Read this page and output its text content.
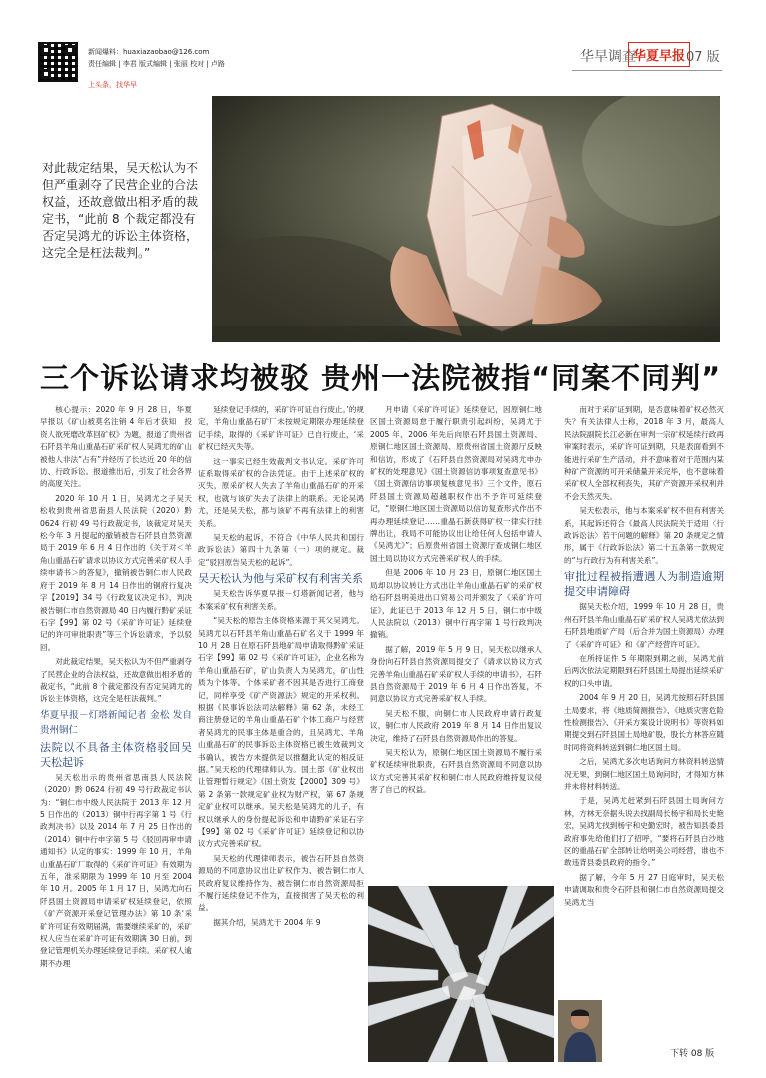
新闻爆料：huaxiazaobao@126.com
责任编辑 | 李君 版式编辑 | 张丽 校对 | 卢路
上头条，找华早
华早调查
华夏早报 07 版
对此裁定结果，吴天松认为不但严重剥夺了民营企业的合法权益，还故意做出相矛盾的裁定书，“此前 8 个裁定都没有否定吴鸿尤的诉讼主体资格，这完全是枉法裁判。”
三个诉讼请求均被驳 贵州一法院被指“同案不同判”

核心提示：2020 年 9 月 28 日，华夏早报以《矿山被莫名注销 4 年后才获知　投资人欲死磨改革回矿权》为题，报道了贵州省石阡县羊角山重晶石矿采矿权人吴鸿尤的矿山被他人非法“占有”并经历了长达近 20 年的信访、行政诉讼。报道推出后，引发了社会各界的高度关注。

2020 年 10 月 1 日，吴鸿尤之子吴天松收到贵州省思南县人民法院（2020）黔 0624 行初 49 号行政裁定书，该裁定对吴天松今年 3 月提起的撤销被告石阡县自然资源局于 2019 年 6 月 4 日作出的《关于对＜羊角山重晶石矿请求以协议方式完善采矿权人手续申请书＞的答复》，撤销被告铜仁市人民政府于 2019 年 8 月 14 日作出的铜府行复决字【2019】34 号《行政复议决定书》，判决被告铜仁市自然资源局 40 日内履行黔矿采证石字【99】第 02 号《采矿许可证》延续登记的许可审批职责”等三个诉讼请求，予以驳回。

对此裁定结果，吴天松认为不但严重剥夺了民营企业的合法权益，还故意做出相矛盾的裁定书，“此前 8 个裁定都没有否定吴鸿尤的诉讼主体资格，这完全是枉法裁判。”

华夏早报－灯塔新闻记者 金松 发自贵州铜仁

法院以不具备主体资格驳回吴天松起诉

吴天松出示的贵州省思南县人民法院（2020）黔 0624 行初 49 号行政裁定书认为：“铜仁市中级人民法院于 2013 年 12 月 5 日作出的（2013）铜中行再字第 1 号《行政判决书》以及 2014 年 7 月 25 日作出的（2014）铜中行申字第 5 号《驳回再审申请通知书》认定的事实：1999 年 10 月，羊角山重晶石矿厂取得的《采矿许可证》有效期为五年，准采期限为 1999 年 10 月至 2004 年 10 月。2005 年 1 月 17 日，吴鸿尤向石阡县国土资源局申请采矿权延续登记，依照《矿产资源开采登记管理办法》第 10 条‘采矿许可证有效期届满，需要继续采矿的，采矿权人应当在采矿许可证有效期满 30 日前，到登记管理机关办理延续登记手续。采矿权人逾期不办理

延续登记手续的，采矿许可证自行废止。’的规定，羊角山重晶石矿厂未按规定期限办理延续登记手续，取得的《采矿许可证》已自行废止，‘采矿权已经灭失等。

这一事实已经生效裁判文书认定。采矿许可证系取得采矿权的合法凭证。由于上述采矿权的灭失，原采矿权人失去了羊角山重晶石矿的开采权，也就与该矿失去了法律上的联系。无论吴鸿尤，还是吴天松，都与该矿不再有法律上的利害关系。

吴天松的起诉，不符合《中华人民共和国行政诉讼法》第四十九条第（一）项的规定。裁定“驳回原告吴天松的起诉”。

吴天松认为他与采矿权有利害关系

吴天松告诉华夏早报－灯塔新闻记者，他与本案采矿权有利害关系。

“吴天松的原告主体资格来源于其父吴鸿尤。吴鸿尤以石阡县羊角山重晶石矿名义于 1999 年 10 月 28 日在原石阡县地矿局申请取得黔矿采证石字【99】第 02 号《采矿许可证》，企业名称为羊角山重晶石矿，矿山负责人为吴鸿尤，矿山性质为个体等。个体采矿者不因其是否进行工商登记，同样享受《矿产资源法》规定的开采权利。根据《民事诉讼法司法解释》第 62 条，未经工商注册登记的羊角山重晶石矿个体工商户与经营者吴鸿尤的民事主体是重合的，且吴鸿尤、羊角山重晶石矿的民事诉讼主体资格已被生效裁判文书确认，被告方未提供足以推翻此认定的相反证据。”吴天松的代理律师认为。国土部《矿业权出让管理暂行规定》《国土资发【2000】309 号》第 2 条第一款规定矿业权为财产权，第 67 条规定矿业权可以继承。吴天松是吴鸿尤的儿子，有权以继承人的身份提起诉讼和申请黔矿采证石字【99】第 02 号《采矿许可证》延续登记和以协议方式完善采矿权。

吴天松的代理律师表示，被告石阡县自然资源局的不同意协议出让矿权作为、被告铜仁市人民政府复议维持作为、被告铜仁市自然资源局拒不履行延续登记不作为，直接损害了吴天松的利益。

据其介绍，吴鸿尤于 2004 年 9

月申请《采矿许可证》延续登记，因原铜仁地区国土资源局怠于履行职责引起纠纷，吴鸿尤于 2005 年、2006 年先后向原石阡县国土资源局、原铜仁地区国土资源局、原贵州省国土资源厅反映和信访，形成了《石阡县自然资源局对吴鸿尤申办矿权的处理意见》《国土资源信访事项复查意见书》《国土资源信访事项复核意见书》三个文件，原石阡县国土资源局超越职权作出不予许可延续登记，“原铜仁地区国土资源局以信访复查形式作出不再办理延续登记……重晶石新获得矿权一律实行挂牌出让，我局不可能协议出让给任何人包括申请人《吴鸿尤》”；后原贵州省国土资源厅查成铜仁地区国土局以协议方式完善采矿权人的手续。

但是 2006 年 10 月 23 日，原铜仁地区国土局却以协议转让方式出让羊角山重晶石矿的采矿权给石阡县明美进出口贸易公司并颁发了《采矿许可证》，此证已于 2013 年 12 月 5 日，铜仁市中级人民法院以（2013）铜中行再字第 1 号行政判决撤销。

据了解，2019 年 5 月 9 日，吴天松以继承人身份向石阡县自然资源局提交了《请求以协议方式完善羊角山重晶石矿采矿权人手续的申请书》，石阡县自然资源局于 2019 年 6 月 4 日作出答复，不同意以协议方式完善采矿权人手续。

吴天松不服，向铜仁市人民政府申请行政复议，铜仁市人民政府 2019 年 8 月 14 日作出复议决定，维持了石阡县自然资源局作出的答复。

吴天松认为，原铜仁地区国土资源局不履行采矿权延续审批职责，石阡县自然资源局不同意以协议方式完善其采矿权和铜仁市人民政府维持复议侵害了自己的权益。

而对于采矿证到期，是否意味着矿权必然灭失？有关法律人士称，2018 年 3 月，最高人民法院副院长江必新在审判一宗矿权延续行政再审案时表示，采矿许可证到期，只是表面看到不能进行采矿生产活动，并不意味着对于范围内某种矿产资源的可开采储量开采完毕，也不意味着采矿权人全部权利丧失，其矿产资源开采权利并不会天然灭失。

吴天松表示，他与本案采矿权不但有利害关系，其起诉还符合《最高人民法院关于适用〈行政诉讼法〉若干问题的解释》第 20 条规定之情形，属于《行政诉讼法》第二十五条第一款规定的“与行政行为有利害关系”。

审批过程被指遭遇人为制造逾期提交申请障碍

据吴天松介绍，1999 年 10 月 28 日，贵州石阡县羊角山重晶石矿采矿权人吴鸿尤依法到石阡县地质矿产局（后合并为国土资源局）办理了《采矿许可证》和《矿产经营许可证》。

在所持证件 5 年期限到期之前，吴鸿尤前后两次依法定期限到石阡县国土局提出延续采矿权的口头申请。

2004 年 9 月 20 日，吴鸿尤按照石阡县国土局要求，将《地质简测报告》、《地质灾害危险性检测报告》、《开采方案设计说明书》等资料如期提交到石阡县国土局地矿股，股长方林答应随时同将资料转送到铜仁地区国土局。

之后，吴鸿尤多次电话询问方林资料转送情况无果，到铜仁地区国土局询问时，才得知方林并未将材料转送。

于是，吴鸿尤赶紧到石阡县国土局询问方林，方林无奈据头说去找副局长杨宇和局长史艳宏，吴鸿尤找到杨宇和史勤宏时，被告知县委县政府事先给他们打了招呼，“要将石阡县白沙地区的重晶石矿全部转让给明美公司经营，谁也不敢违背县委县政府的指令。”

据了解，今年 5 月 27 日庭审时，吴天松申请调取和贵令石阡县和铜仁市自然资源局提交吴鸿尤当

下转 08 版
